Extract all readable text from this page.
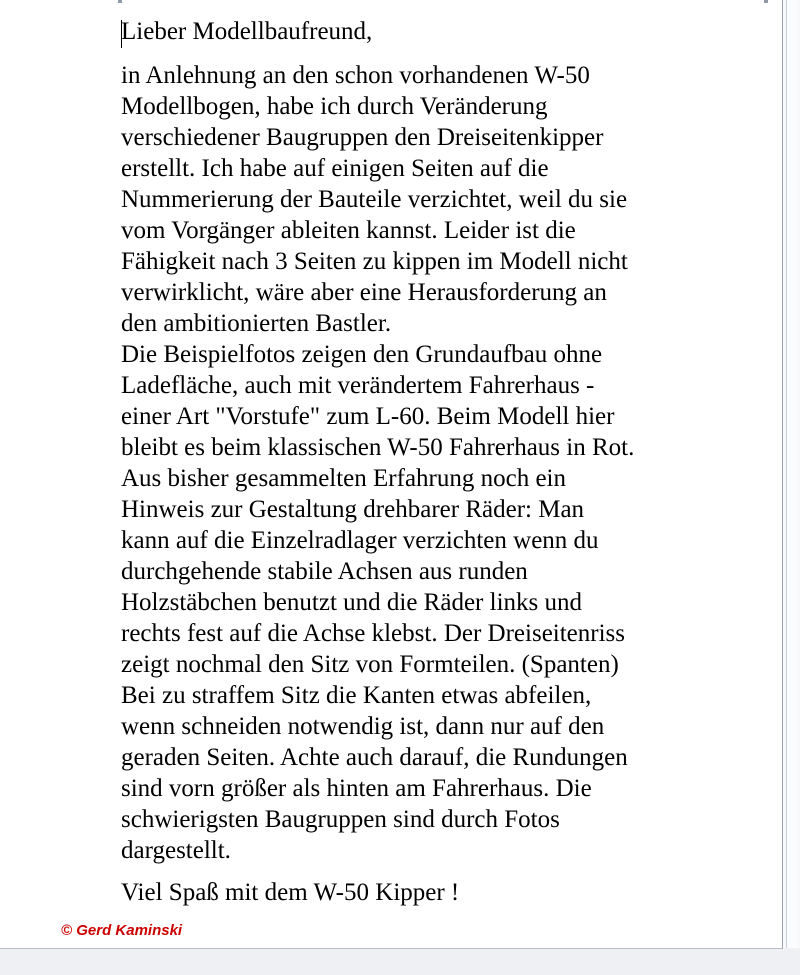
Lieber Modellbaufreund,

in Anlehnung an den schon vorhandenen W-50

Modellbogen, habe ich durch Veränderung

verschiedener Baugruppen den Dreiseitenkipper

erstellt. Ich habe auf einigen Seiten auf die

Nummerierung der Bauteile verzichtet, weil du sie

vom Vorgänger ableiten kannst. Leider ist die

Fähigkeit nach 3 Seiten zu kippen im Modell nicht

verwirklicht, wäre aber eine Herausforderung an

den ambitionierten Bastler.

Die Beispielfotos zeigen den Grundaufbau ohne

Ladefläche, auch mit verändertem Fahrerhaus -

einer Art "Vorstufe" zum L-60. Beim Modell hier

bleibt es beim klassischen W-50 Fahrerhaus in Rot.

Aus bisher gesammelten Erfahrung noch ein

Hinweis zur Gestaltung drehbarer Räder: Man

kann auf die Einzelradlager verzichten wenn du

durchgehende stabile Achsen aus runden

Holzstäbchen benutzt und die Räder links und

rechts fest auf die Achse klebst. Der Dreiseitenriss

zeigt nochmal den Sitz von Formteilen. (Spanten)

Bei zu straffem Sitz die Kanten etwas abfeilen,

wenn schneiden notwendig ist, dann nur auf den

geraden Seiten. Achte auch darauf, die Rundungen

sind vorn größer als hinten am Fahrerhaus. Die

schwierigsten Baugruppen sind durch Fotos

dargestellt.

Viel Spaß mit dem W-50 Kipper !

© Gerd Kaminski
